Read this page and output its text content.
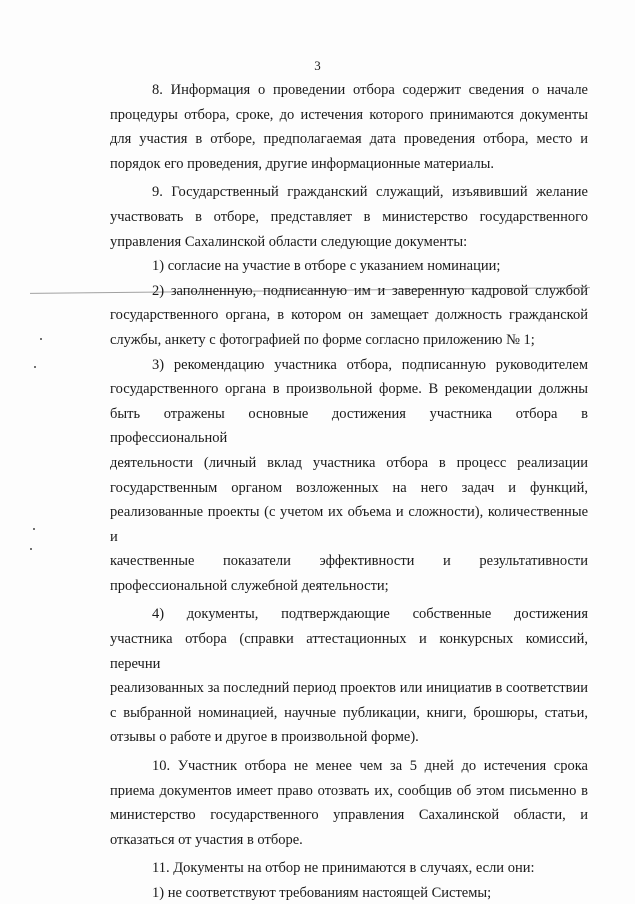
3
8. Информация о проведении отбора содержит сведения о начале
процедуры отбора, сроке, до истечения которого принимаются документы
для участия в отборе, предполагаемая дата проведения отбора, место и
порядок его проведения, другие информационные материалы.
9. Государственный гражданский служащий, изъявивший желание
участвовать в отборе, представляет в министерство государственного
управления Сахалинской области следующие документы:
1) согласие на участие в отборе с указанием номинации;
2) заполненную, подписанную им и заверенную кадровой службой
государственного органа, в котором он замещает должность гражданской
службы, анкету с фотографией по форме согласно приложению № 1;
3) рекомендацию участника отбора, подписанную руководителем
государственного органа в произвольной форме. В рекомендации должны
быть отражены основные достижения участника отбора в профессиональной
деятельности (личный вклад участника отбора в процесс реализации
государственным органом возложенных на него задач и функций,
реализованные проекты (с учетом их объема и сложности), количественные и
качественные показатели эффективности и результативности
профессиональной служебной деятельности;
4) документы, подтверждающие собственные достижения
участника отбора (справки аттестационных и конкурсных комиссий, перечни
реализованных за последний период проектов или инициатив в соответствии
с выбранной номинацией, научные публикации, книги, брошюры, статьи,
отзывы о работе и другое в произвольной форме).
10. Участник отбора не менее чем за 5 дней до истечения срока
приема документов имеет право отозвать их, сообщив об этом письменно в
министерство государственного управления Сахалинской области, и
отказаться от участия в отборе.
11. Документы на отбор не принимаются в случаях, если они:
1) не соответствуют требованиям настоящей Системы;
